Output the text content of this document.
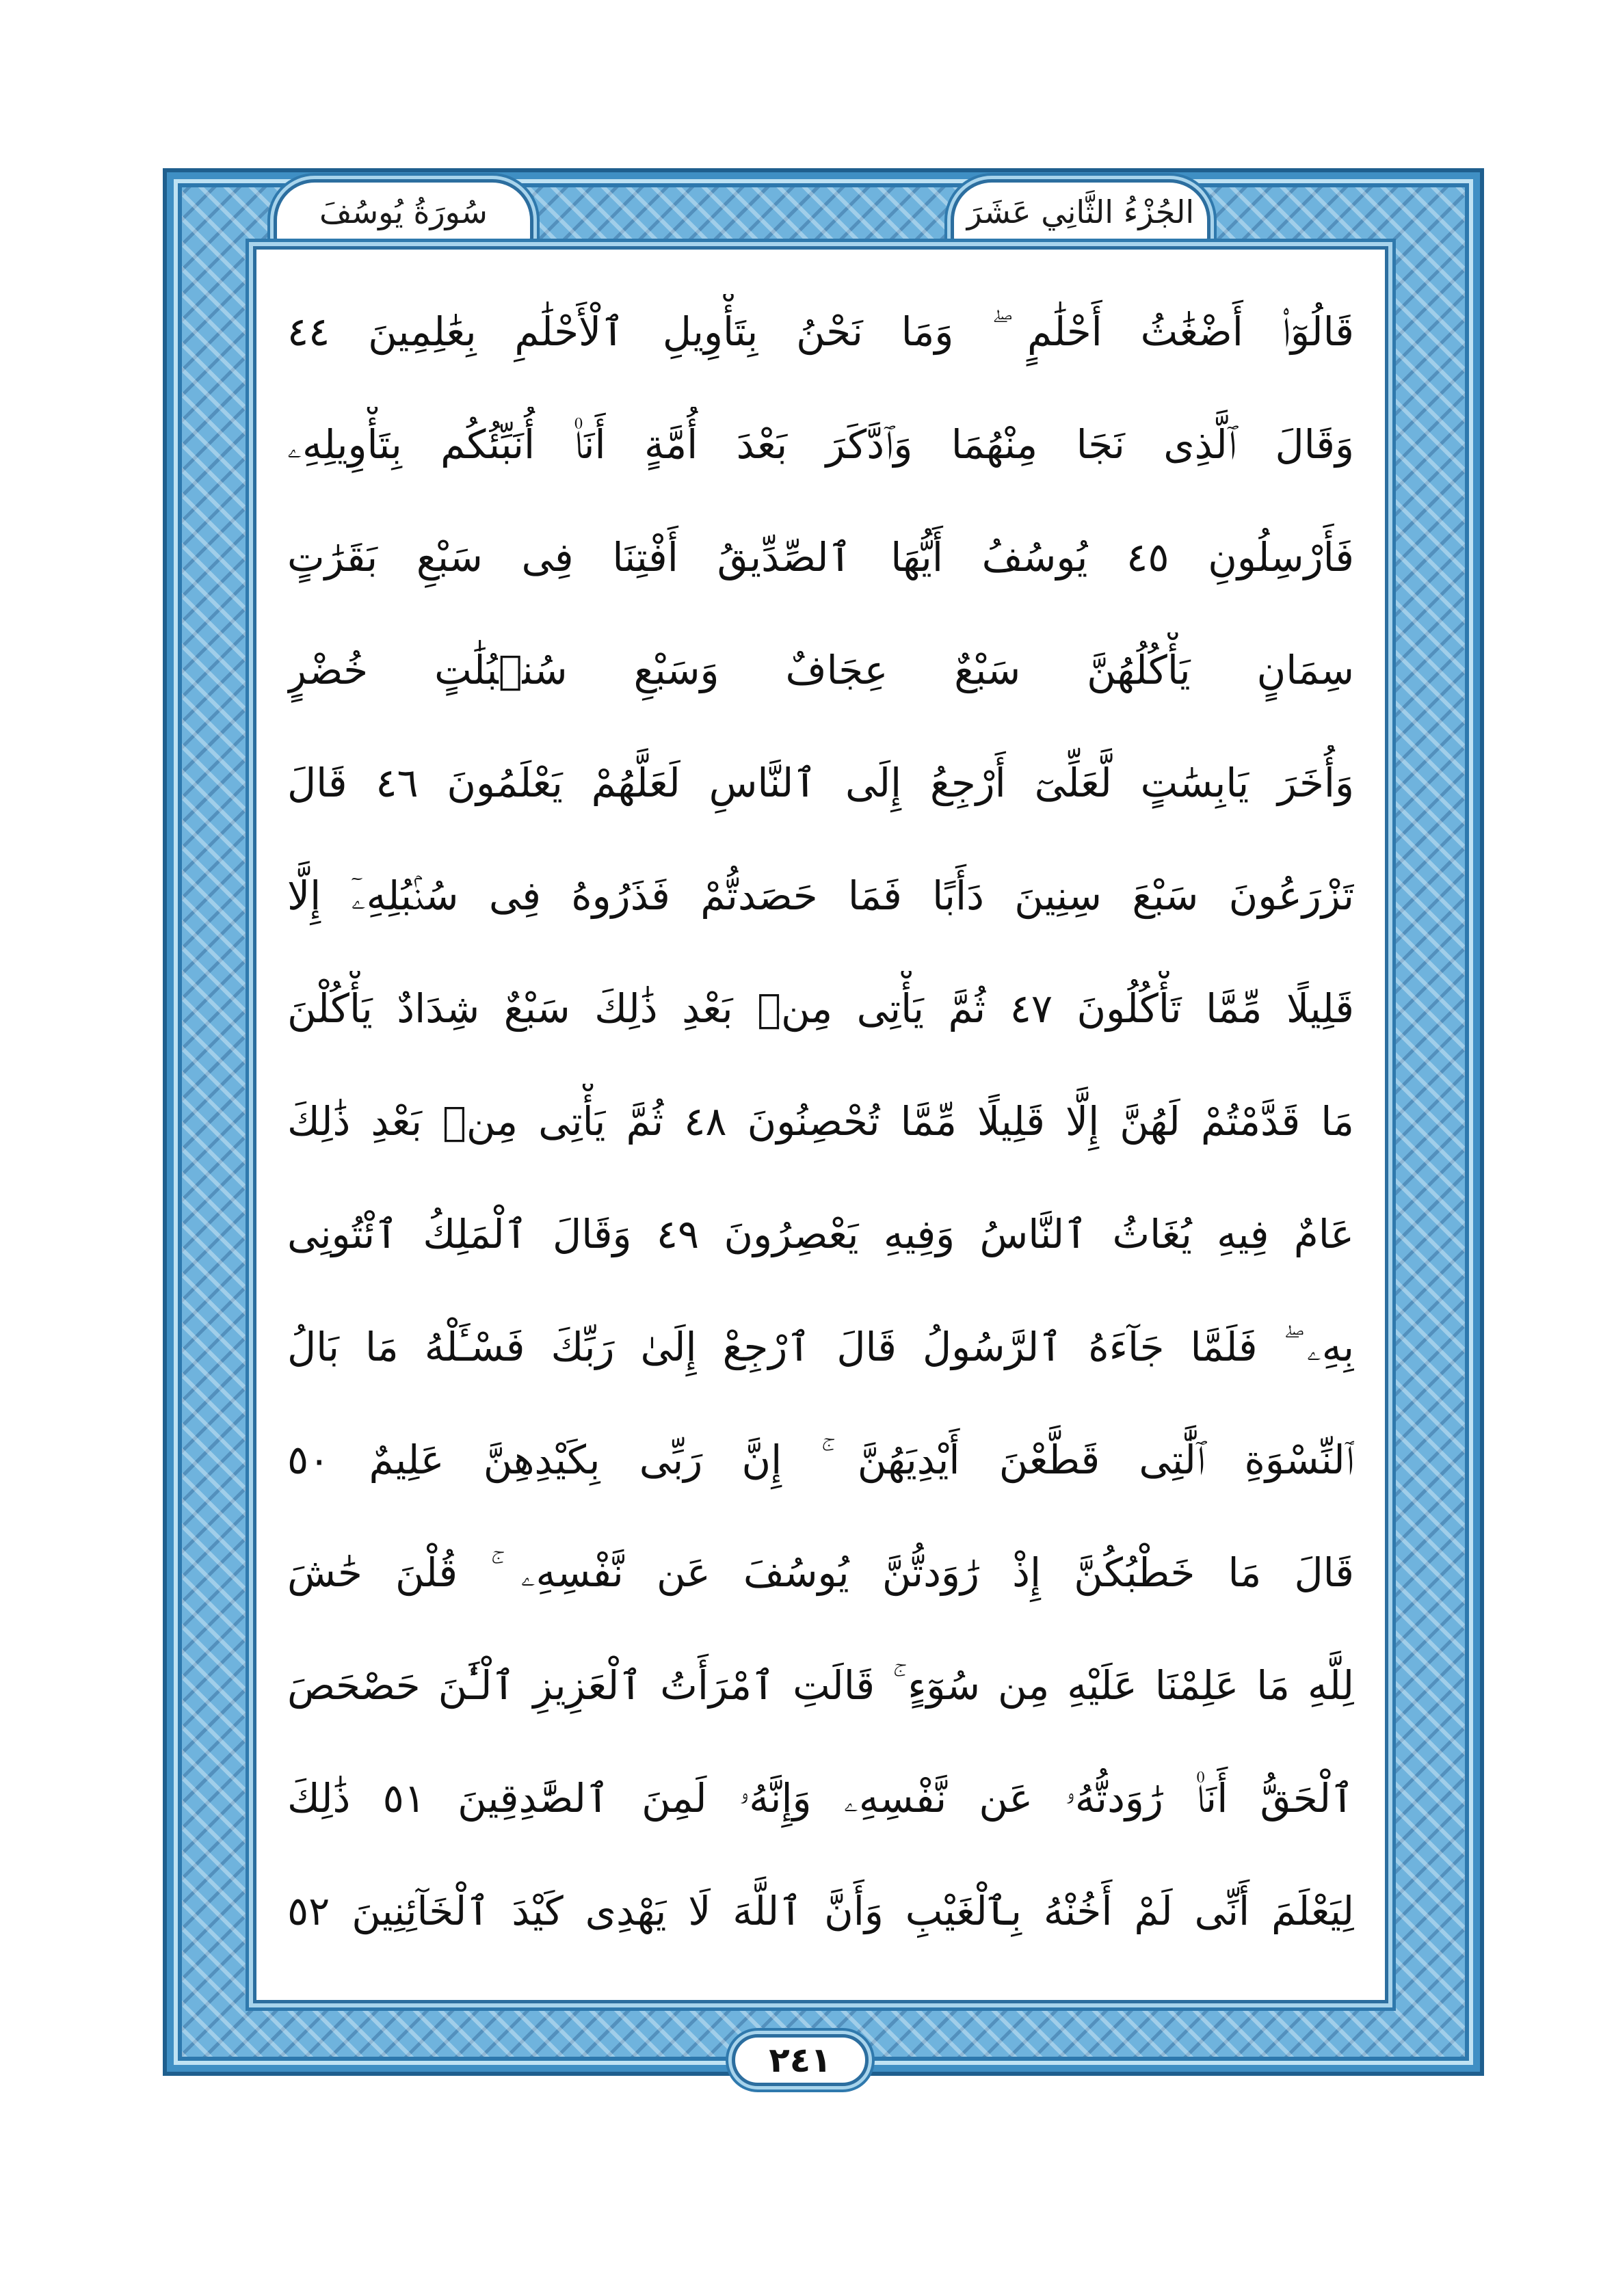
سُورَةُ يُوسُفَ	الجُزْءُ الثَّانِي عَشَرَ
قَالُوٓا۟ أَضْغَٰثُ أَحْلَٰمٍ ۖ وَمَا نَحْنُ بِتَأْوِيلِ ٱلْأَحْلَٰمِ بِعَٰلِمِينَ ٤٤
وَقَالَ ٱلَّذِى نَجَا مِنْهُمَا وَٱدَّكَرَ بَعْدَ أُمَّةٍ أَنَا۠ أُنَبِّئُكُم بِتَأْوِيلِهِۦ
فَأَرْسِلُونِ ٤٥ يُوسُفُ أَيُّهَا ٱلصِّدِّيقُ أَفْتِنَا فِى سَبْعِ بَقَرَٰتٍ
سِمَانٍ يَأْكُلُهُنَّ سَبْعٌ عِجَافٌ وَسَبْعِ سُنۢبُلَٰتٍ خُضْرٍ
وَأُخَرَ يَابِسَٰتٍ لَّعَلِّىٓ أَرْجِعُ إِلَى ٱلنَّاسِ لَعَلَّهُمْ يَعْلَمُونَ ٤٦ قَالَ
تَزْرَعُونَ سَبْعَ سِنِينَ دَأَبًا فَمَا حَصَدتُّمْ فَذَرُوهُ فِى سُنۢبُلِهِۦٓ إِلَّا
قَلِيلًا مِّمَّا تَأْكُلُونَ ٤٧ ثُمَّ يَأْتِى مِنۢ بَعْدِ ذَٰلِكَ سَبْعٌ شِدَادٌ يَأْكُلْنَ
مَا قَدَّمْتُمْ لَهُنَّ إِلَّا قَلِيلًا مِّمَّا تُحْصِنُونَ ٤٨ ثُمَّ يَأْتِى مِنۢ بَعْدِ ذَٰلِكَ
عَامٌ فِيهِ يُغَاثُ ٱلنَّاسُ وَفِيهِ يَعْصِرُونَ ٤٩ وَقَالَ ٱلْمَلِكُ ٱئْتُونِى
بِهِۦ ۖ فَلَمَّا جَآءَهُ ٱلرَّسُولُ قَالَ ٱرْجِعْ إِلَىٰ رَبِّكَ فَسْـَٔلْهُ مَا بَالُ
ٱلنِّسْوَةِ ٱلَّٰتِى قَطَّعْنَ أَيْدِيَهُنَّ ۚ إِنَّ رَبِّى بِكَيْدِهِنَّ عَلِيمٌ ٥٠
قَالَ مَا خَطْبُكُنَّ إِذْ رَٰوَدتُّنَّ يُوسُفَ عَن نَّفْسِهِۦ ۚ قُلْنَ حَٰشَ
لِلَّهِ مَا عَلِمْنَا عَلَيْهِ مِن سُوٓءٍ ۚ قَالَتِ ٱمْرَأَتُ ٱلْعَزِيزِ ٱلْـَٰٔنَ حَصْحَصَ
ٱلْحَقُّ أَنَا۠ رَٰوَدتُّهُۥ عَن نَّفْسِهِۦ وَإِنَّهُۥ لَمِنَ ٱلصَّٰدِقِينَ ٥١ ذَٰلِكَ
لِيَعْلَمَ أَنِّى لَمْ أَخُنْهُ بِٱلْغَيْبِ وَأَنَّ ٱللَّهَ لَا يَهْدِى كَيْدَ ٱلْخَآئِنِينَ ٥٢
٢٤١
